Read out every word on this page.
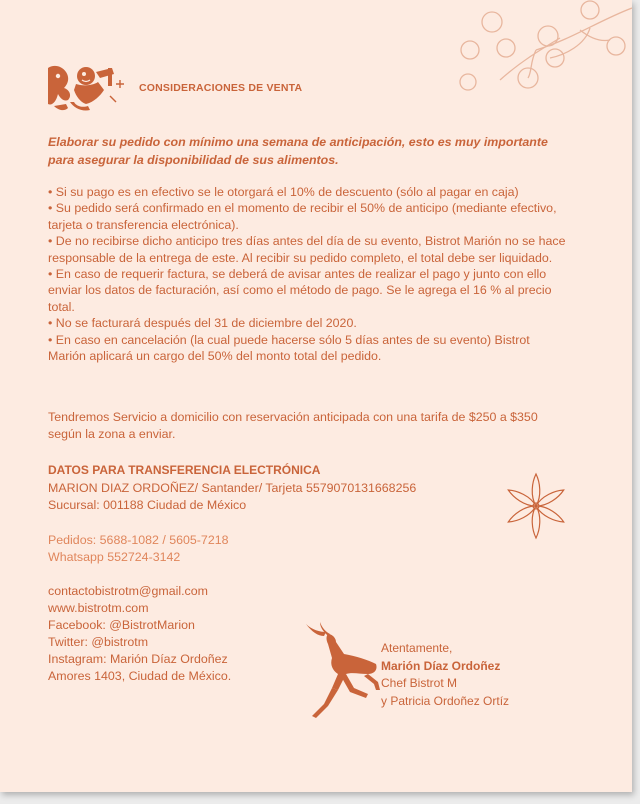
CONSIDERACIONES DE VENTA
Elaborar su pedido con mínimo una semana de anticipación, esto es muy importante para asegurar la disponibilidad de sus alimentos.

• Si su pago es en efectivo se le otorgará el 10% de descuento (sólo al pagar en caja)

• Su pedido será confirmado en el momento de recibir el 50% de anticipo (mediante efectivo, tarjeta o transferencia electrónica).

• De no recibirse dicho anticipo tres días antes del día de su evento, Bistrot Marión no se hace responsable de la entrega de este. Al recibir su pedido completo, el total debe ser liquidado.

• En caso de requerir factura, se deberá de avisar antes de realizar el pago y junto con ello enviar los datos de facturación, así como el método de pago. Se le agrega el 16 % al precio total.

• No se facturará después del 31 de diciembre del 2020.

• En caso en cancelación (la cual puede hacerse sólo 5 días antes de su evento) Bistrot Marión aplicará un cargo del 50% del monto total del pedido.

Tendremos Servicio a domicilio con reservación anticipada con una tarifa de $250 a $350 según la zona a enviar.
DATOS PARA TRANSFERENCIA ELECTRÓNICA
MARION DIAZ ORDOÑEZ/ Santander/ Tarjeta 5579070131668256
Sucursal: 001188 Ciudad de México
Pedidos: 5688-1082 / 5605-7218
Whatsapp 552724-3142
contactobistrotm@gmail.com
www.bistrotm.com
Facebook: @BistrotMarion
Twitter: @bistrotm
Instagram: Marión Díaz Ordoñez
Amores 1403, Ciudad de México.
Atentamente,
Marión Díaz Ordoñez
Chef Bistrot M
y Patricia Ordoñez Ortíz
